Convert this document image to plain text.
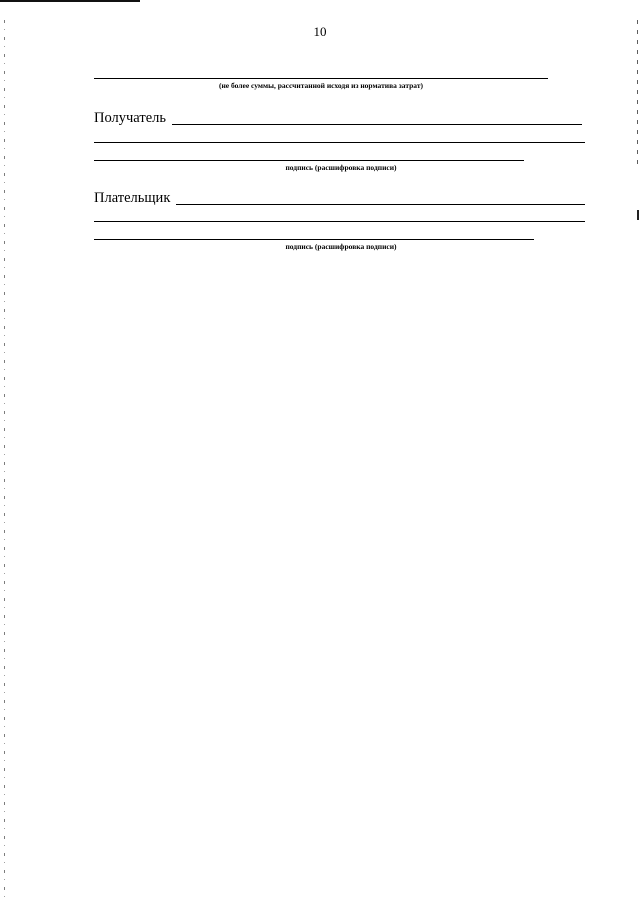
10
(не более суммы, рассчитанной исходя из норматива затрат)
Получатель
подпись (расшифровка подписи)
Плательщик
подпись (расшифровка подписи)
